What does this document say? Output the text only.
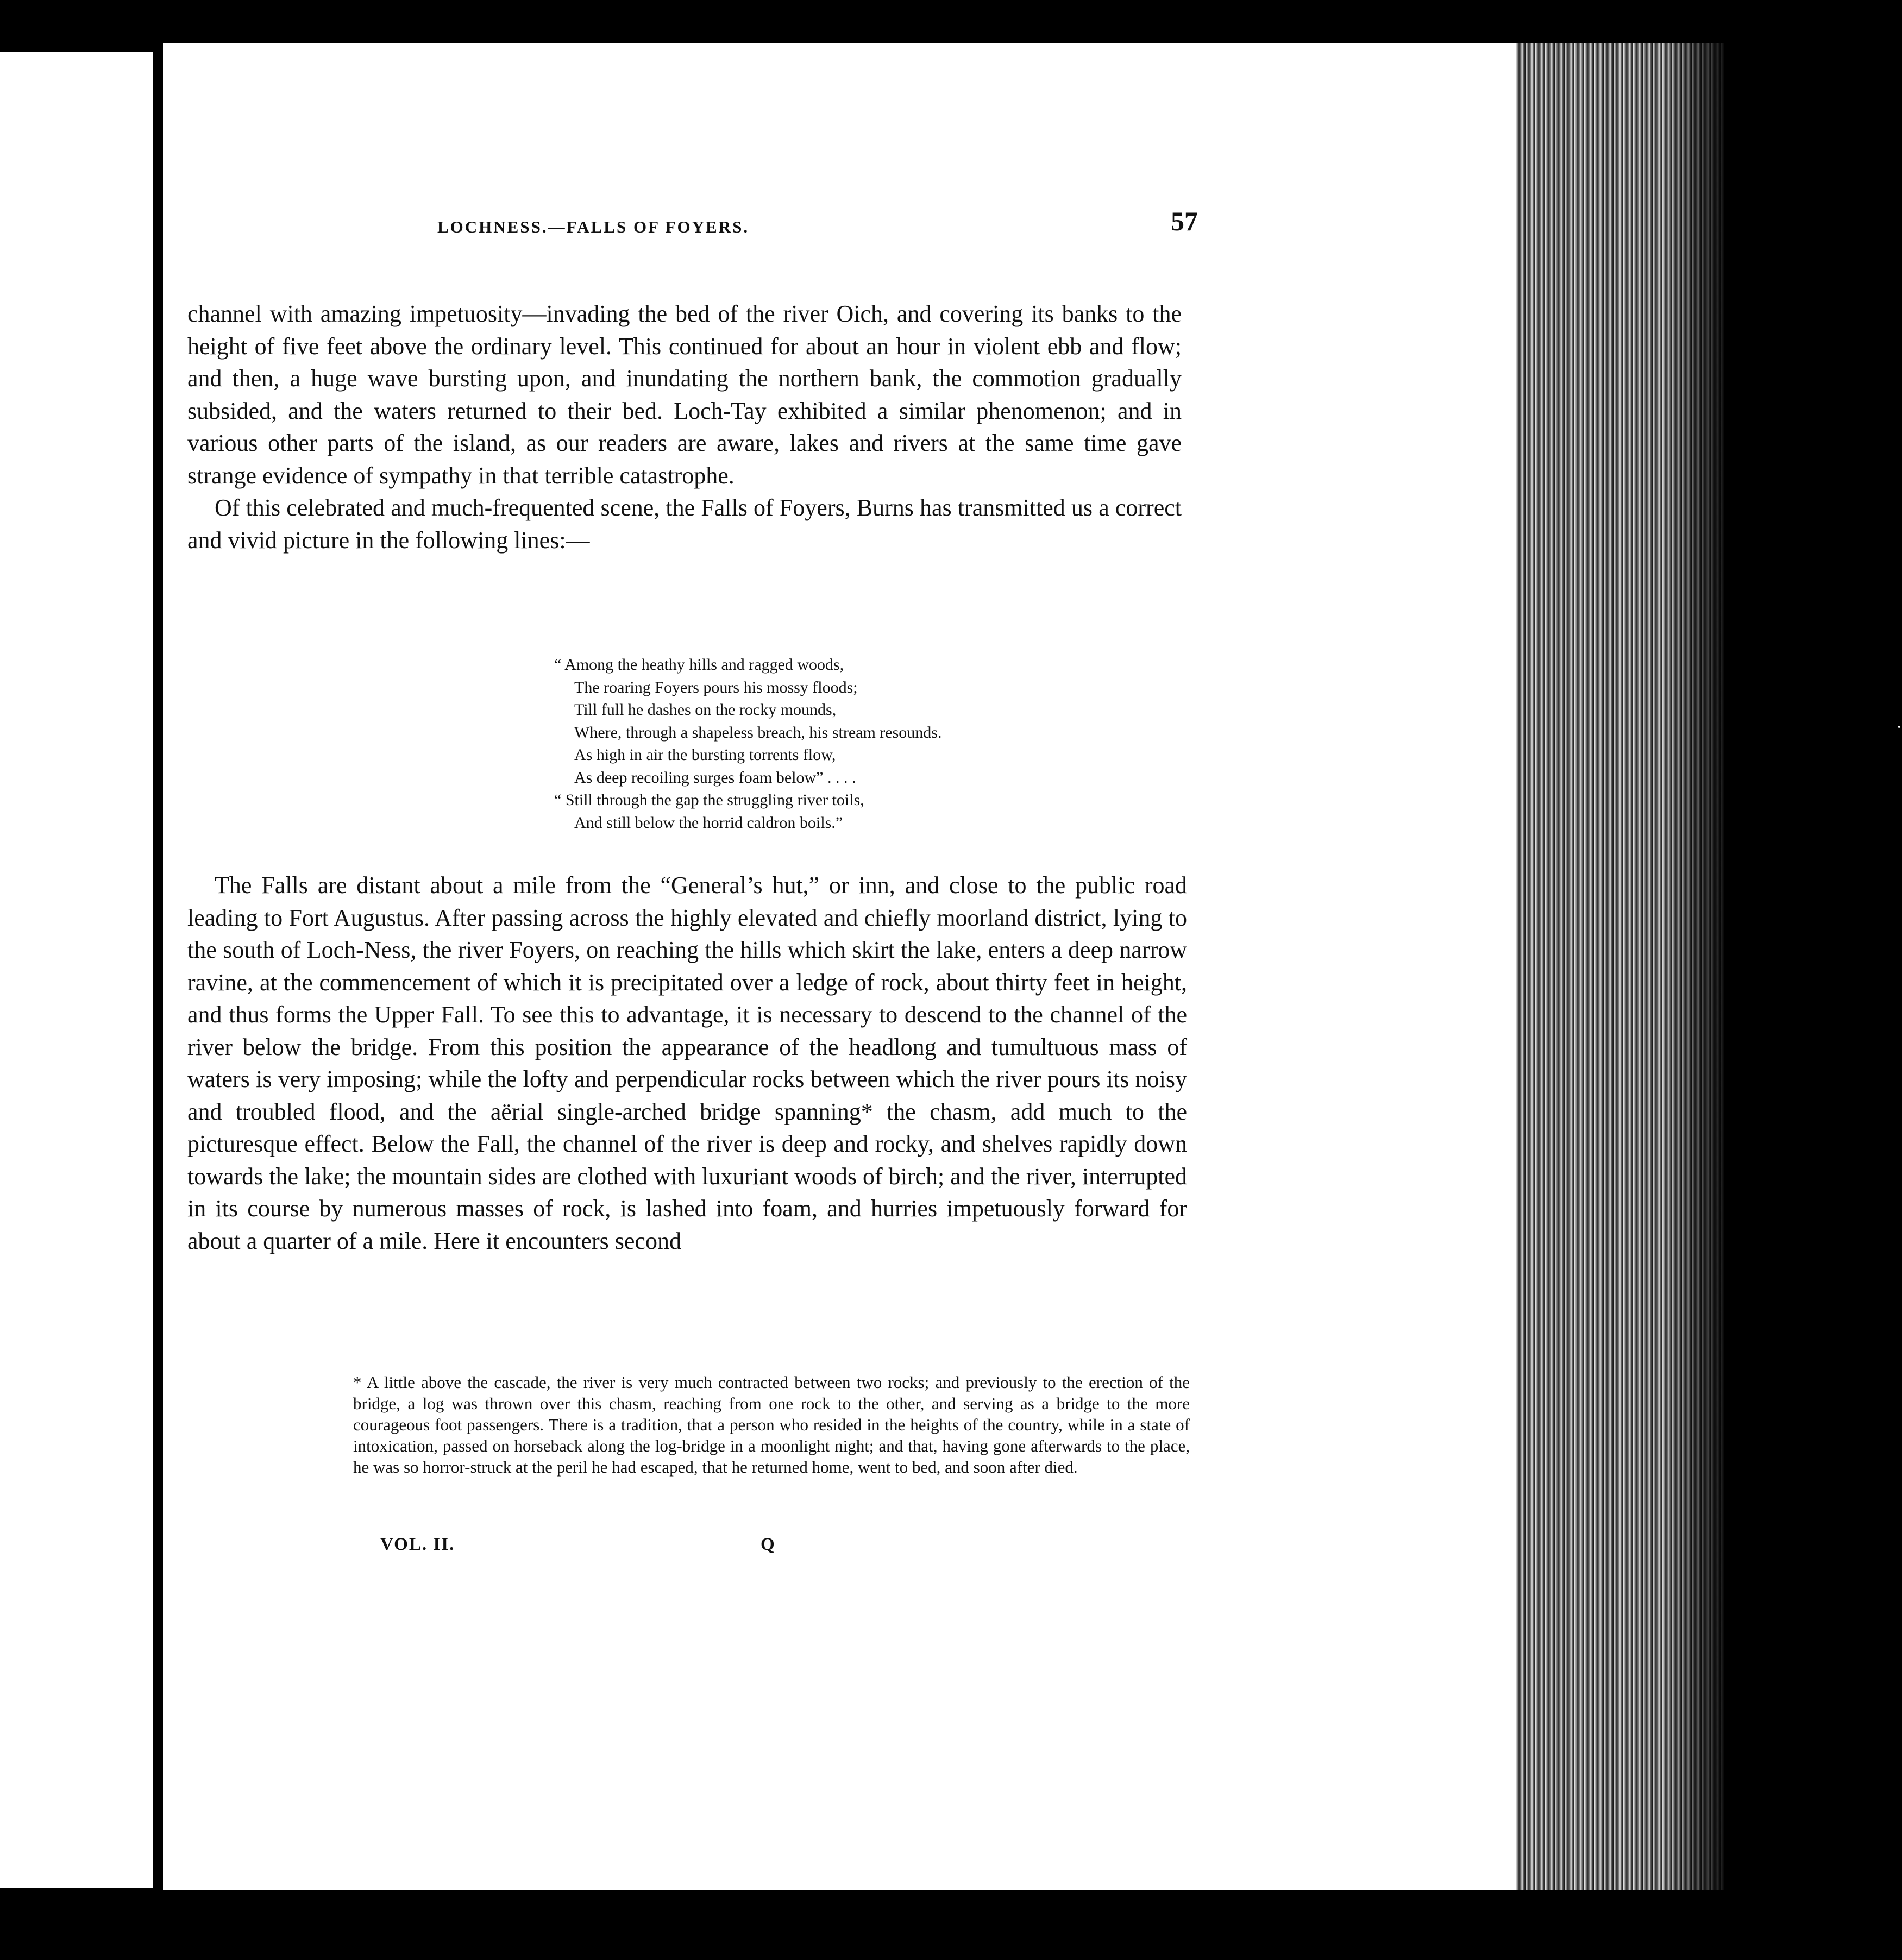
·
LOCHNESS.—FALLS OF FOYERS.	57

channel with amazing impetuosity—invading the bed of the river Oich, and covering its banks to the height of five feet above the ordinary level. This continued for about an hour in violent ebb and flow; and then, a huge wave bursting upon, and inundating the northern bank, the commotion gradually subsided, and the waters returned to their bed. Loch-Tay exhibited a similar phenomenon; and in various other parts of the island, as our readers are aware, lakes and rivers at the same time gave strange evidence of sympathy in that terrible catastrophe.

Of this celebrated and much-frequented scene, the Falls of Foyers, Burns has transmitted us a correct and vivid picture in the following lines:—

“ Among the heathy hills and ragged woods,
The roaring Foyers pours his mossy floods;
Till full he dashes on the rocky mounds,
Where, through a shapeless breach, his stream resounds.
As high in air the bursting torrents flow,
As deep recoiling surges foam below” . . . .
“ Still through the gap the struggling river toils,
And still below the horrid caldron boils.”

The Falls are distant about a mile from the “General’s hut,” or inn, and close to the public road leading to Fort Augustus. After passing across the highly elevated and chiefly moorland district, lying to the south of Loch-Ness, the river Foyers, on reaching the hills which skirt the lake, enters a deep narrow ravine, at the commencement of which it is precipitated over a ledge of rock, about thirty feet in height, and thus forms the Upper Fall. To see this to advantage, it is necessary to descend to the channel of the river below the bridge. From this position the appearance of the headlong and tumultuous mass of waters is very imposing; while the lofty and perpendicular rocks between which the river pours its noisy and troubled flood, and the aërial single-arched bridge spanning* the chasm, add much to the picturesque effect. Below the Fall, the channel of the river is deep and rocky, and shelves rapidly down towards the lake; the mountain sides are clothed with luxuriant woods of birch; and the river, interrupted in its course by numerous masses of rock, is lashed into foam, and hurries impetuously forward for about a quarter of a mile. Here it encounters second

* A little above the cascade, the river is very much contracted between two rocks; and previously to the erection of the bridge, a log was thrown over this chasm, reaching from one rock to the other, and serving as a bridge to the more courageous foot passengers. There is a tradition, that a person who resided in the heights of the country, while in a state of intoxication, passed on horseback along the log-bridge in a moonlight night; and that, having gone afterwards to the place, he was so horror-struck at the peril he had escaped, that he returned home, went to bed, and soon after died.

VOL. II.	Q
